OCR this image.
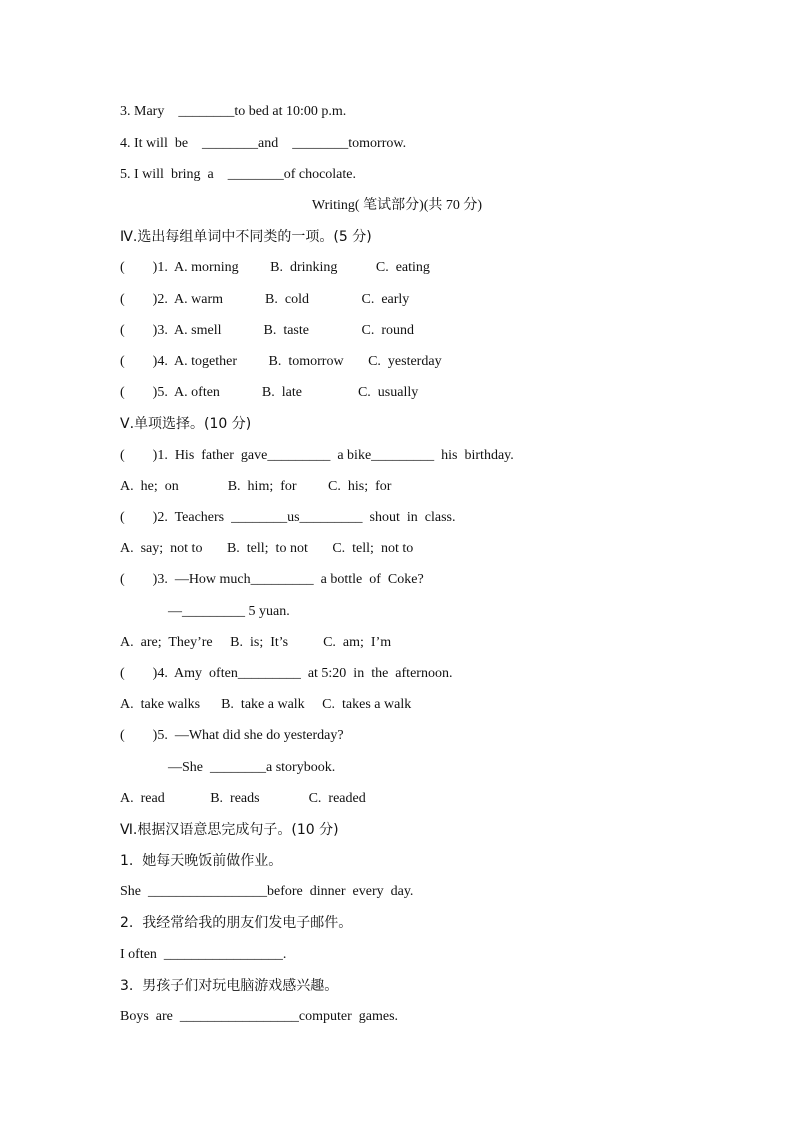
3. Mary    ________to bed at 10:00 p.m.
4. It will  be    ________and    ________tomorrow.
5. I will  bring  a    ________of chocolate.
Writing( 笔试部分)(共 70 分)
Ⅳ.选出每组单词中不同类的一项。(5 分)
(        )1.  A. morning         B.  drinking           C.  eating
(        )2.  A. warm            B.  cold               C.  early
(        )3.  A. smell            B.  taste               C.  round
(        )4.  A. together         B.  tomorrow       C.  yesterday
(        )5.  A. often            B.  late                C.  usually
Ⅴ.单项选择。(10 分)
(        )1.  His  father  gave_________  a bike_________  his  birthday.
A.  he;  on              B.  him;  for         C.  his;  for
(        )2.  Teachers  ________us_________  shout  in  class.
A.  say;  not to       B.  tell;  to not       C.  tell;  not to
(        )3.  —How much_________  a bottle  of  Coke?
—_________ 5 yuan.
A.  are;  They’re     B.  is;  It’s          C.  am;  I’m
(        )4.  Amy  often_________  at 5:20  in  the  afternoon.
A.  take walks      B.  take a walk     C.  takes a walk
(        )5.  —What did she do yesterday?
—She  ________a storybook.
A.  read             B.  reads              C.  readed
Ⅵ.根据汉语意思完成句子。(10 分)
1.  她每天晚饭前做作业。
She  _________________before  dinner  every  day.
2.  我经常给我的朋友们发电子邮件。
I often  _________________.
3.  男孩子们对玩电脑游戏感兴趣。
Boys  are  _________________computer  games.
